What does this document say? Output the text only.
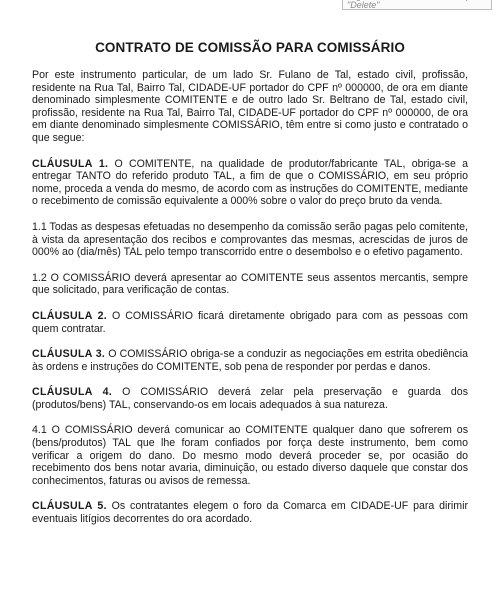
"Delete"
CONTRATO DE COMISSÃO PARA COMISSÁRIO

Por este instrumento particular, de um lado Sr. Fulano de Tal, estado civil, profissão, residente na Rua Tal, Bairro Tal, CIDADE-UF portador do CPF nº 000000, de ora em diante denominado simplesmente COMITENTE e de outro lado Sr. Beltrano de Tal, estado civil, profissão, residente na Rua Tal, Bairro Tal, CIDADE-UF portador do CPF nº 000000, de ora em diante denominado simplesmente COMISSÁRIO, têm entre si como justo e contratado o que segue:

CLÁUSULA 1. O COMITENTE, na qualidade de produtor/fabricante TAL, obriga-se a entregar TANTO do referido produto TAL, a fim de que o COMISSÁRIO, em seu próprio nome, proceda a venda do mesmo, de acordo com as instruções do COMITENTE, mediante o recebimento de comissão equivalente a 000% sobre o valor do preço bruto da venda.

1.1 Todas as despesas efetuadas no desempenho da comissão serão pagas pelo comitente, à vista da apresentação dos recibos e comprovantes das mesmas, acrescidas de juros de 000% ao (dia/mês) TAL pelo tempo transcorrido entre o desembolso e o efetivo pagamento.

1.2 O COMISSÁRIO deverá apresentar ao COMITENTE seus assentos mercantis, sempre que solicitado, para verificação de contas.

CLÁUSULA 2. O COMISSÁRIO ficará diretamente obrigado para com as pessoas com quem contratar.

CLÁUSULA 3. O COMISSÁRIO obriga-se a conduzir as negociações em estrita obediência às ordens e instruções do COMITENTE, sob pena de responder por perdas e danos.

CLÁUSULA 4. O COMISSÁRIO deverá zelar pela preservação e guarda dos (produtos/bens) TAL, conservando-os em locais adequados à sua natureza.

4.1 O COMISSÁRIO deverá comunicar ao COMITENTE qualquer dano que sofrerem os (bens/produtos) TAL que lhe foram confiados por força deste instrumento, bem como verificar a origem do dano. Do mesmo modo deverá proceder se, por ocasião do recebimento dos bens notar avaria, diminuição, ou estado diverso daquele que constar dos conhecimentos, faturas ou avisos de remessa.

CLÁUSULA 5. Os contratantes elegem o foro da Comarca em CIDADE-UF para dirimir eventuais litígios decorrentes do ora acordado.
